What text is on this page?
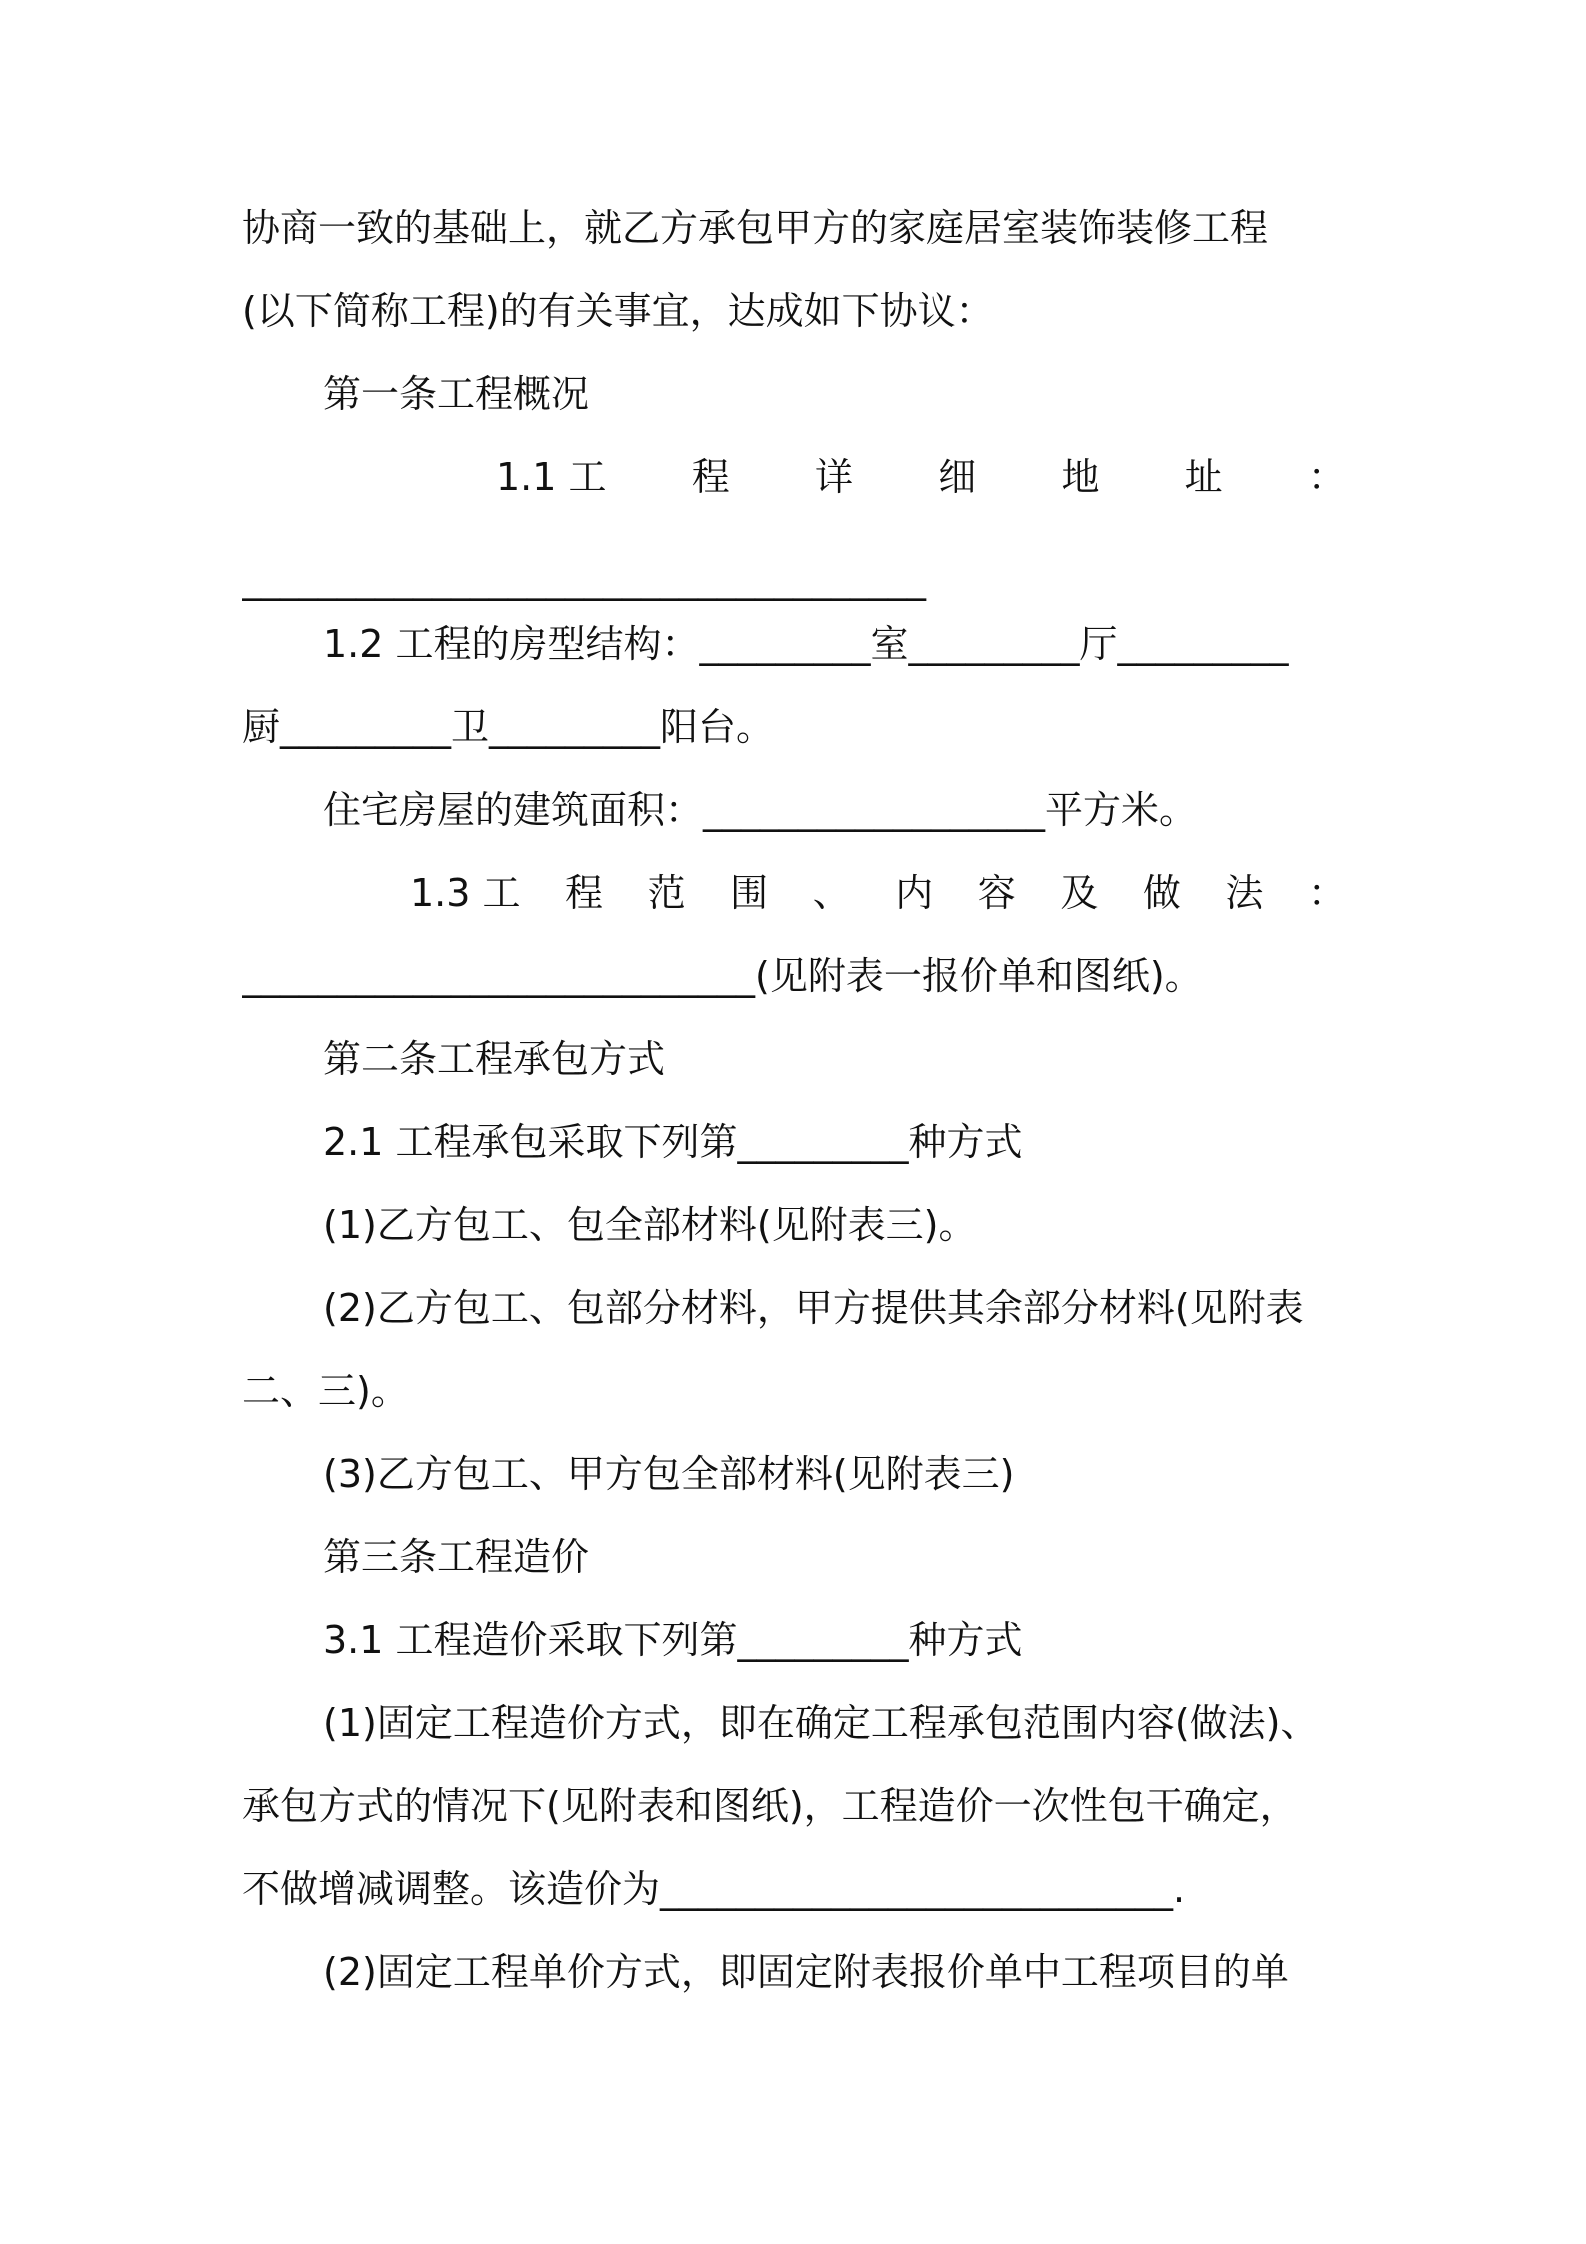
协商一致的基础上，就乙方承包甲方的家庭居室装饰装修工程
(以下简称工程)的有关事宜，达成如下协议：
第一条工程概况
1.1 工 程 详 细 地 址 ：
____________________________________
1.2 工程的房型结构：_________室_________厅_________
厨_________卫_________阳台。
住宅房屋的建筑面积：__________________平方米。
1.3 工 程 范 围 、 内 容 及 做 法 ：
___________________________(见附表一报价单和图纸)。
第二条工程承包方式
2.1 工程承包采取下列第_________种方式
(1)乙方包工、包全部材料(见附表三)。
(2)乙方包工、包部分材料，甲方提供其余部分材料(见附表
二、三)。
(3)乙方包工、甲方包全部材料(见附表三)
第三条工程造价
3.1 工程造价采取下列第_________种方式
(1)固定工程造价方式，即在确定工程承包范围内容(做法)、
承包方式的情况下(见附表和图纸)，工程造价一次性包干确定，
不做增减调整。该造价为___________________________.
(2)固定工程单价方式，即固定附表报价单中工程项目的单
